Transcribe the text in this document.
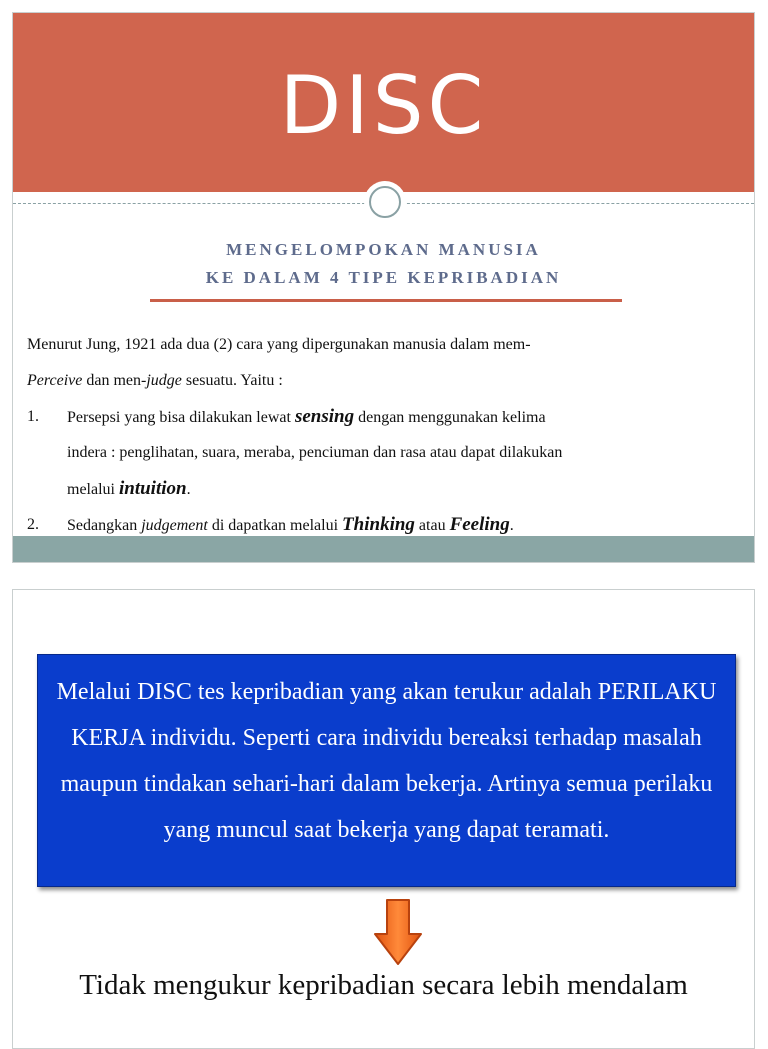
DISC
MENGELOMPOKAN MANUSIA
KE DALAM 4 TIPE KEPRIBADIAN
Menurut Jung, 1921 ada dua (2) cara yang dipergunakan manusia dalam mem-
Perceive dan men-judge sesuatu. Yaitu :
1. Persepsi yang bisa dilakukan lewat sensing dengan menggunakan kelima
indera : penglihatan, suara, meraba, penciuman dan rasa atau dapat dilakukan
melalui intuition.
2. Sedangkan judgement di dapatkan melalui Thinking atau Feeling.
Melalui DISC tes kepribadian yang akan terukur adalah PERILAKU KERJA individu. Seperti cara individu bereaksi terhadap masalah maupun tindakan sehari-hari dalam bekerja. Artinya semua perilaku yang muncul saat bekerja yang dapat teramati.
Tidak mengukur kepribadian secara lebih mendalam
